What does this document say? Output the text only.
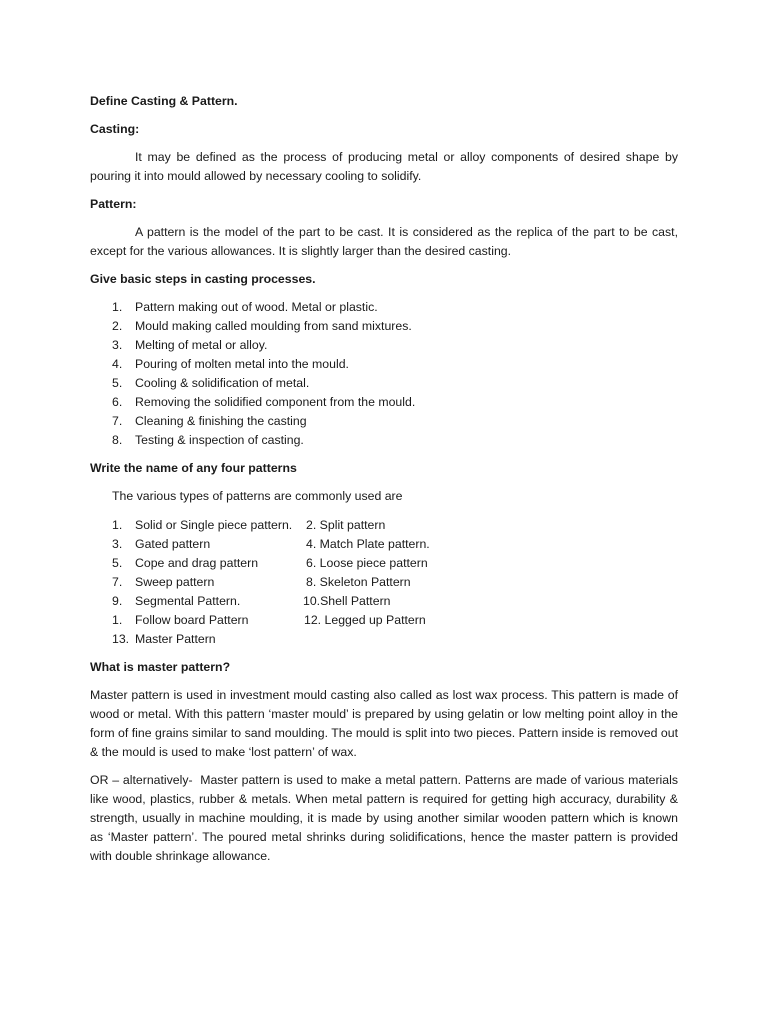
Define Casting & Pattern.
Casting:
It may be defined as the process of producing metal or alloy components of desired shape by pouring it into mould allowed by necessary cooling to solidify.
Pattern:
A pattern is the model of the part to be cast. It is considered as the replica of the part to be cast, except for the various allowances. It is slightly larger than the desired casting.
Give basic steps in casting processes.
1. Pattern making out of wood. Metal or plastic.
2. Mould making called moulding from sand mixtures.
3. Melting of metal or alloy.
4. Pouring of molten metal into the mould.
5. Cooling & solidification of metal.
6. Removing the solidified component from the mould.
7. Cleaning & finishing the casting
8. Testing & inspection of casting.
Write the name of any four patterns
The various types of patterns are commonly used are
1. Solid or Single piece pattern.	2. Split pattern
3. Gated pattern	4. Match Plate pattern.
5. Cope and drag pattern	6. Loose piece pattern
7. Sweep pattern	8. Skeleton Pattern
9. Segmental Pattern.	10.Shell Pattern
1. Follow board Pattern	12. Legged up Pattern
13. Master Pattern
What is master pattern?
Master pattern is used in investment mould casting also called as lost wax process. This pattern is made of wood or metal. With this pattern ‘master mould’ is prepared by using gelatin or low melting point alloy in the form of fine grains similar to sand moulding. The mould is split into two pieces. Pattern inside is removed out & the mould is used to make ‘lost pattern’ of wax.
OR – alternatively-  Master pattern is used to make a metal pattern. Patterns are made of various materials like wood, plastics, rubber & metals. When metal pattern is required for getting high accuracy, durability & strength, usually in machine moulding, it is made by using another similar wooden pattern which is known as ‘Master pattern’. The poured metal shrinks during solidifications, hence the master pattern is provided with double shrinkage allowance.
